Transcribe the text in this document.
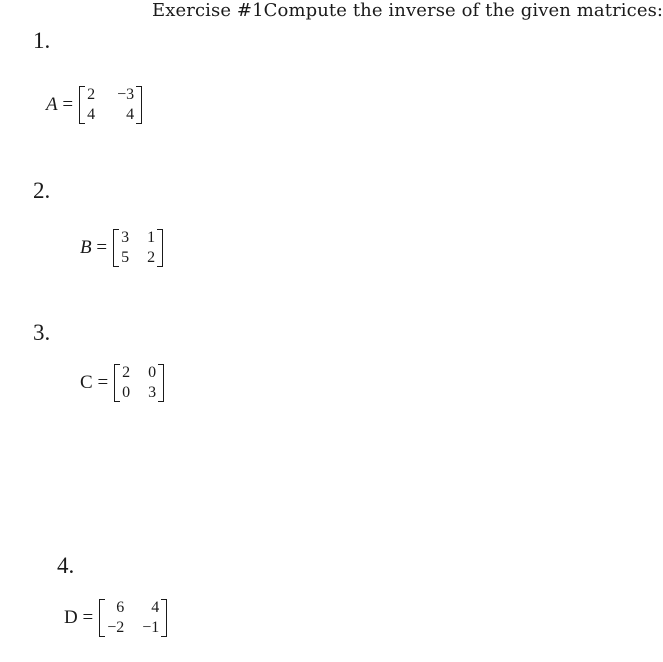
Exercise #1Compute the inverse of the given matrices:
1.
A = 2 −3
4	4
2.
B = 3 1
5 2
3.
C = 2 0
0 3
4.
D =	6	4
−2 −1
